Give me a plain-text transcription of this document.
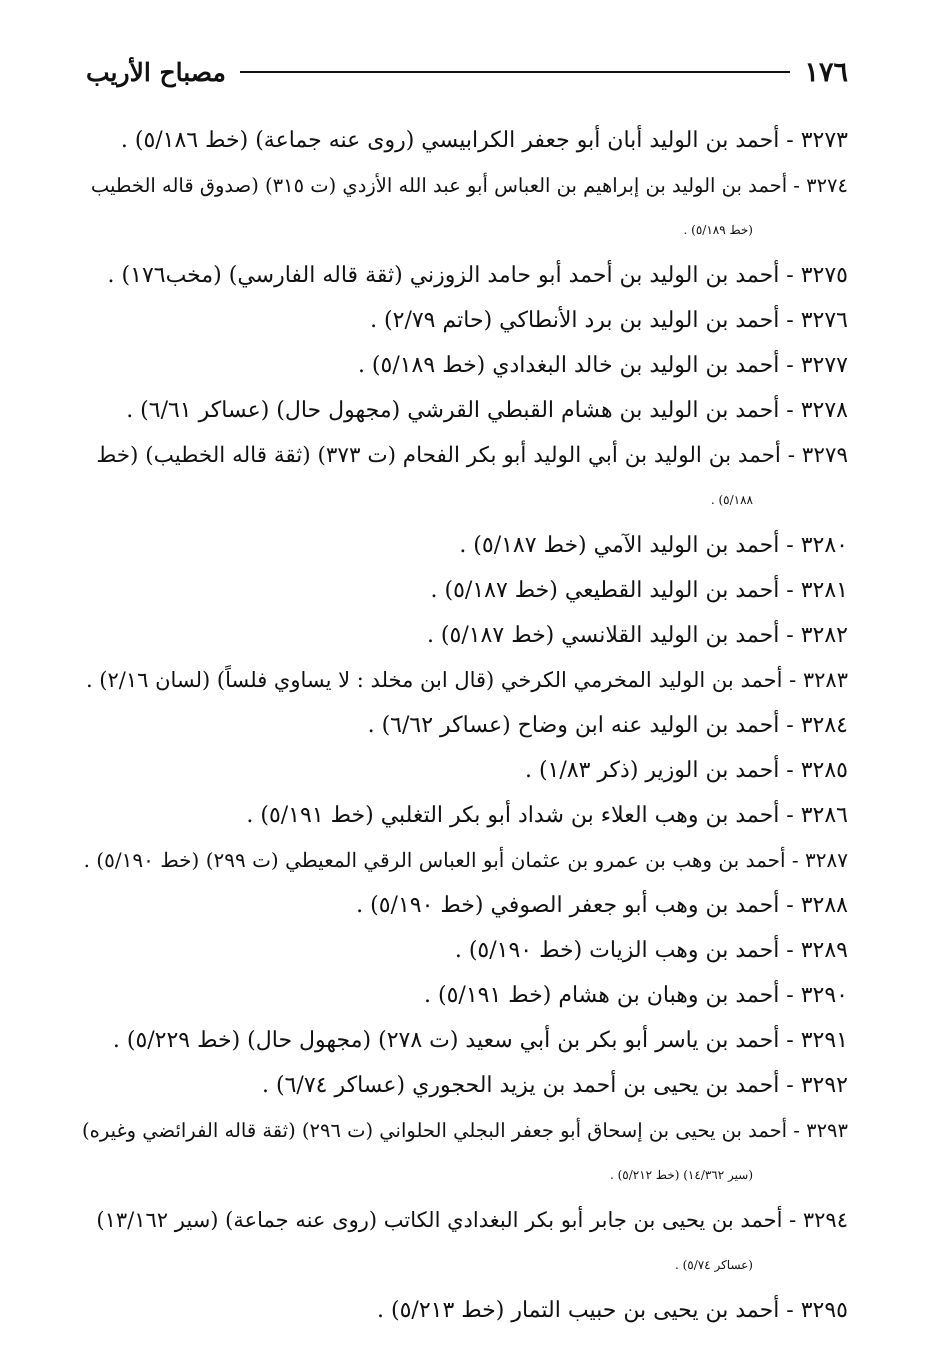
١٧٦
مصباح الأريب
٣٢٧٣ - أحمد بن الوليد أبان أبو جعفر الكرابيسي (روى عنه جماعة) (خط ٥/١٨٦) .
٣٢٧٤ - أحمد بن الوليد بن إبراهيم بن العباس أبو عبد الله الأزدي (ت ٣١٥) (صدوق قاله الخطيب
(خط ٥/١٨٩) .
٣٢٧٥ - أحمد بن الوليد بن أحمد أبو حامد الزوزني (ثقة قاله الفارسي) (مخب١٧٦) .
٣٢٧٦ - أحمد بن الوليد بن برد الأنطاكي (حاتم ٢/٧٩) .
٣٢٧٧ - أحمد بن الوليد بن خالد البغدادي (خط ٥/١٨٩) .
٣٢٧٨ - أحمد بن الوليد بن هشام القبطي القرشي (مجهول حال) (عساكر ٦/٦١) .
٣٢٧٩ - أحمد بن الوليد بن أبي الوليد أبو بكر الفحام (ت ٣٧٣) (ثقة قاله الخطيب) (خط
٥/١٨٨) .
٣٢٨٠ - أحمد بن الوليد الآمي (خط ٥/١٨٧) .
٣٢٨١ - أحمد بن الوليد القطيعي (خط ٥/١٨٧) .
٣٢٨٢ - أحمد بن الوليد القلانسي (خط ٥/١٨٧) .
٣٢٨٣ - أحمد بن الوليد المخرمي الكرخي (قال ابن مخلد : لا يساوي فلساً) (لسان ٢/١٦) .
٣٢٨٤ - أحمد بن الوليد عنه ابن وضاح (عساكر ٦/٦٢) .
٣٢٨٥ - أحمد بن الوزير (ذكر ١/٨٣) .
٣٢٨٦ - أحمد بن وهب العلاء بن شداد أبو بكر التغلبي (خط ٥/١٩١) .
٣٢٨٧ - أحمد بن وهب بن عمرو بن عثمان أبو العباس الرقي المعيطي (ت ٢٩٩) (خط ٥/١٩٠) .
٣٢٨٨ - أحمد بن وهب أبو جعفر الصوفي (خط ٥/١٩٠) .
٣٢٨٩ - أحمد بن وهب الزيات (خط ٥/١٩٠) .
٣٢٩٠ - أحمد بن وهبان بن هشام (خط ٥/١٩١) .
٣٢٩١ - أحمد بن ياسر أبو بكر بن أبي سعيد (ت ٢٧٨) (مجهول حال) (خط ٥/٢٢٩) .
٣٢٩٢ - أحمد بن يحيى بن أحمد بن يزيد الحجوري (عساكر ٦/٧٤) .
٣٢٩٣ - أحمد بن يحيى بن إسحاق أبو جعفر البجلي الحلواني (ت ٢٩٦) (ثقة قاله الفرائضي وغيره)
(سير ١٤/٣٦٢) (خط ٥/٢١٢) .
٣٢٩٤ - أحمد بن يحيى بن جابر أبو بكر البغدادي الكاتب (روى عنه جماعة) (سير ١٣/١٦٢)
(عساكر ٥/٧٤) .
٣٢٩٥ - أحمد بن يحيى بن حبيب التمار (خط ٥/٢١٣) .
